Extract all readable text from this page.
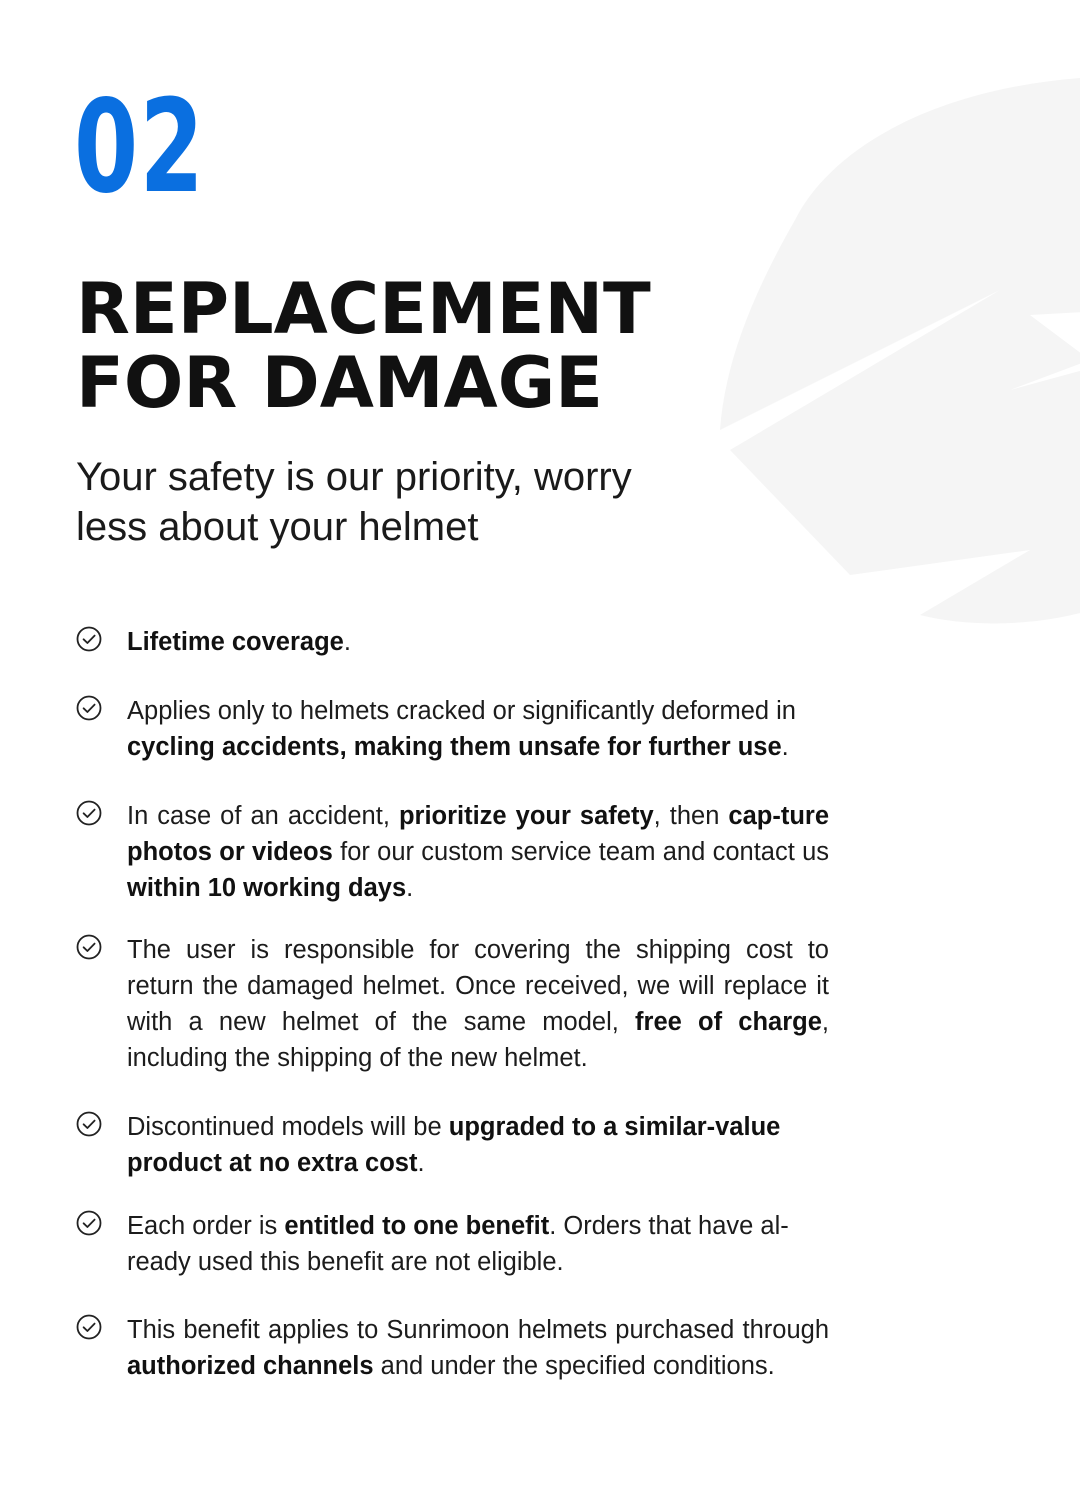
02
REPLACEMENT
FOR DAMAGE

Your safety is our priority, worry
less about your helmet

Lifetime coverage.
Applies only to helmets cracked or significantly deformed in cycling accidents, making them unsafe for further use.
In case of an accident, prioritize your safety, then cap-ture photos or videos for our custom service team and contact us within 10 working days.
The user is responsible for covering the shipping cost to return the damaged helmet. Once received, we will replace it with a new helmet of the same model, free of charge, including the shipping of the new helmet.
Discontinued models will be upgraded to a similar-value product at no extra cost.
Each order is entitled to one benefit. Orders that have al-ready used this benefit are not eligible.
This benefit applies to Sunrimoon helmets purchased through authorized channels and under the specified conditions.
